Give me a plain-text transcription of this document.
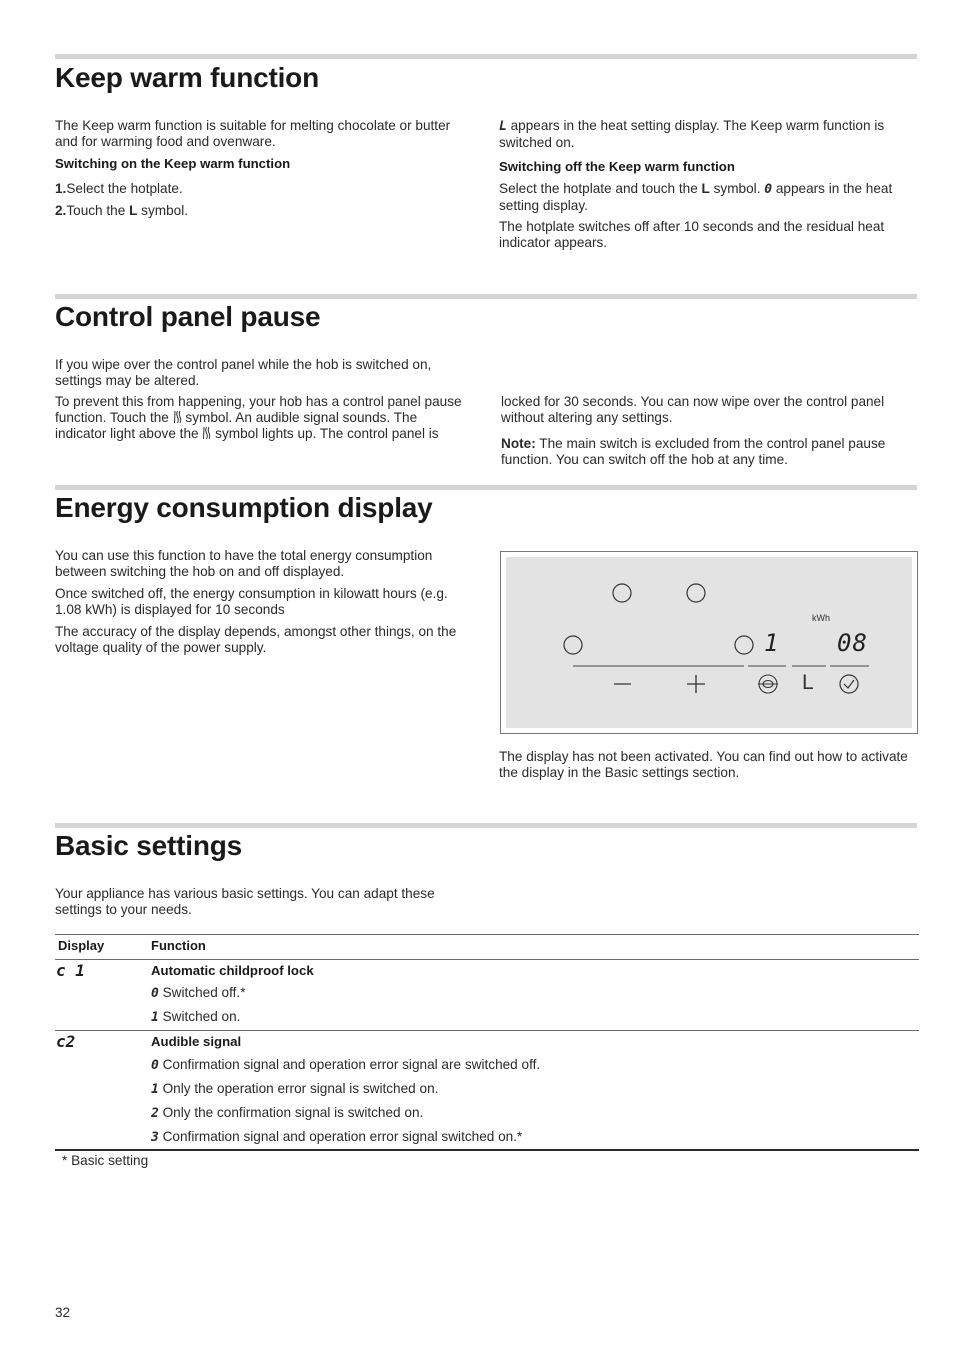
Keep warm function

The Keep warm function is suitable for melting chocolate or butter and for warming food and ovenware.

Switching on the Keep warm function

1.Select the hotplate.

2.Touch the L symbol.

L appears in the heat setting display. The Keep warm function is switched on.

Switching off the Keep warm function

Select the hotplate and touch the L symbol. 0 appears in the heat setting display.

The hotplate switches off after 10 seconds and the residual heat indicator appears.

Control panel pause

If you wipe over the control panel while the hob is switched on, settings may be altered.

To prevent this from happening, your hob has a control panel pause function. Touch the  symbol. An audible signal sounds. The indicator light above the  symbol lights up. The control panel is locked for 30 seconds. You can now wipe over the control panel without altering any settings.

Note: The main switch is excluded from the control panel pause function. You can switch off the hob at any time.

Energy consumption display

You can use this function to have the total energy consumption between switching the hob on and off displayed.

Once switched off, the energy consumption in kilowatt hours (e.g. 1.08 kWh) is displayed for 10 seconds

The accuracy of the display depends, amongst other things, on the voltage quality of the power supply.

kWh
1 08
L

The display has not been activated. You can find out how to activate the display in the Basic settings section.

Basic settings

Your appliance has various basic settings. You can adapt these settings to your needs.

Display	Function
c 1	Automatic childproof lock
0 Switched off.*
1 Switched on.
c2	Audible signal
0 Confirmation signal and operation error signal are switched off.
1 Only the operation error signal is switched on.
2 Only the confirmation signal is switched on.
3 Confirmation signal and operation error signal switched on.*
* Basic setting
32
